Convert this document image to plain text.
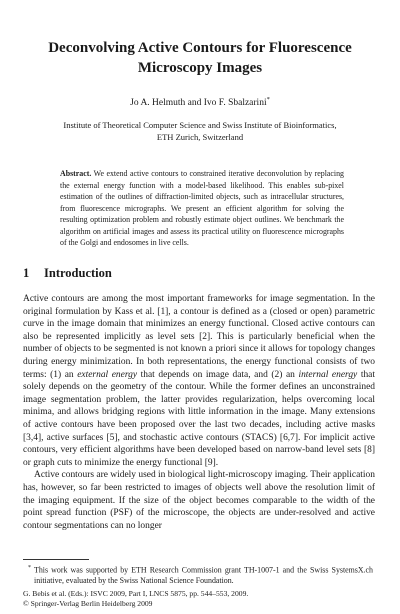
Deconvolving Active Contours for Fluorescence Microscopy Images
Jo A. Helmuth and Ivo F. Sbalzarini*
Institute of Theoretical Computer Science and Swiss Institute of Bioinformatics,
ETH Zurich, Switzerland
Abstract. We extend active contours to constrained iterative deconvolution by replacing the external energy function with a model-based likelihood. This enables sub-pixel estimation of the outlines of diffraction-limited objects, such as intracellular structures, from fluorescence micrographs. We present an efficient algorithm for solving the resulting optimization problem and robustly estimate object outlines. We benchmark the algorithm on artificial images and assess its practical utility on fluorescence micrographs of the Golgi and endosomes in live cells.
1 Introduction

Active contours are among the most important frameworks for image segmentation. In the original formulation by Kass et al. [1], a contour is defined as a (closed or open) parametric curve in the image domain that minimizes an energy functional. Closed active contours can also be represented implicitly as level sets [2]. This is particularly beneficial when the number of objects to be segmented is not known a priori since it allows for topology changes during energy minimization. In both representations, the energy functional consists of two terms: (1) an external energy that depends on image data, and (2) an internal energy that solely depends on the geometry of the contour. While the former defines an unconstrained image segmentation problem, the latter provides regularization, helps overcoming local minima, and allows bridging regions with little information in the image. Many extensions of active contours have been proposed over the last two decades, including active masks [3,4], active surfaces [5], and stochastic active contours (STACS) [6,7]. For implicit active contours, very efficient algorithms have been developed based on narrow-band level sets [8] or graph cuts to minimize the energy functional [9].

Active contours are widely used in biological light-microscopy imaging. Their application has, however, so far been restricted to images of objects well above the resolution limit of the imaging equipment. If the size of the object becomes comparable to the width of the point spread function (PSF) of the microscope, the objects are under-resolved and active contour segmentations can no longer

* This work was supported by ETH Research Commission grant TH-1007-1 and the Swiss SystemsX.ch initiative, evaluated by the Swiss National Science Foundation.
G. Bebis et al. (Eds.): ISVC 2009, Part I, LNCS 5875, pp. 544–553, 2009.
© Springer-Verlag Berlin Heidelberg 2009
